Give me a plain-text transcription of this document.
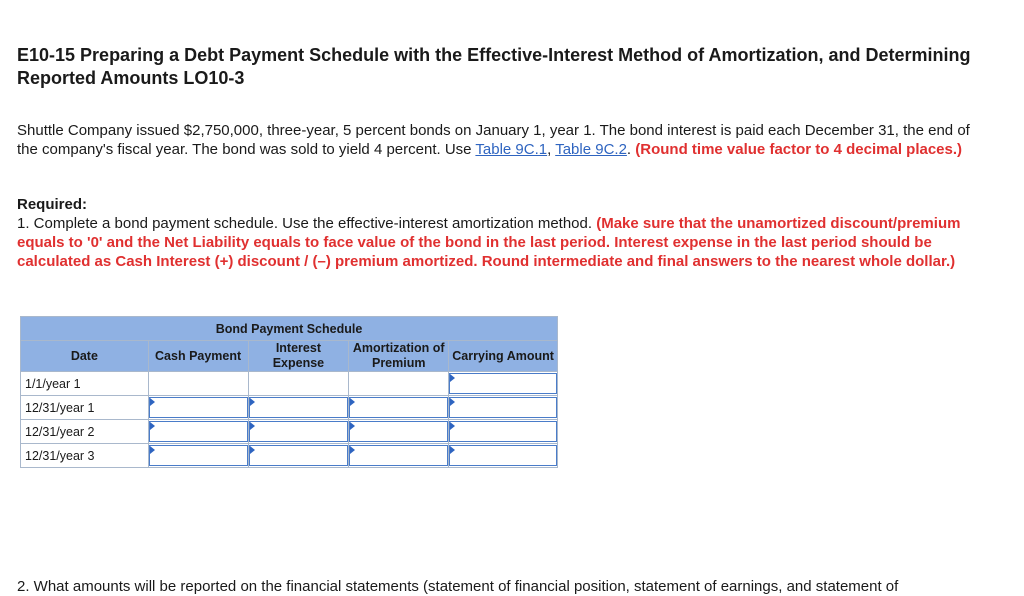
E10-15 Preparing a Debt Payment Schedule with the Effective-Interest Method of Amortization, and Determining Reported Amounts LO10-3

Shuttle Company issued $2,750,000, three-year, 5 percent bonds on January 1, year 1. The bond interest is paid each December 31, the end of the company's fiscal year. The bond was sold to yield 4 percent. Use Table 9C.1, Table 9C.2. (Round time value factor to 4 decimal places.)

Required:

1. Complete a bond payment schedule. Use the effective-interest amortization method. (Make sure that the unamortized discount/premium equals to '0' and the Net Liability equals to face value of the bond in the last period. Interest expense in the last period should be calculated as Cash Interest (+) discount / (–) premium amortized. Round intermediate and final answers to the nearest whole dollar.)

Bond Payment Schedule				
Date	Cash Payment	Interest Expense	Amortization of Premium	Carrying Amount
1/1/year 1				

12/31/year 1	

12/31/year 2	

12/31/year 3	

2. What amounts will be reported on the financial statements (statement of financial position, statement of earnings, and statement of
